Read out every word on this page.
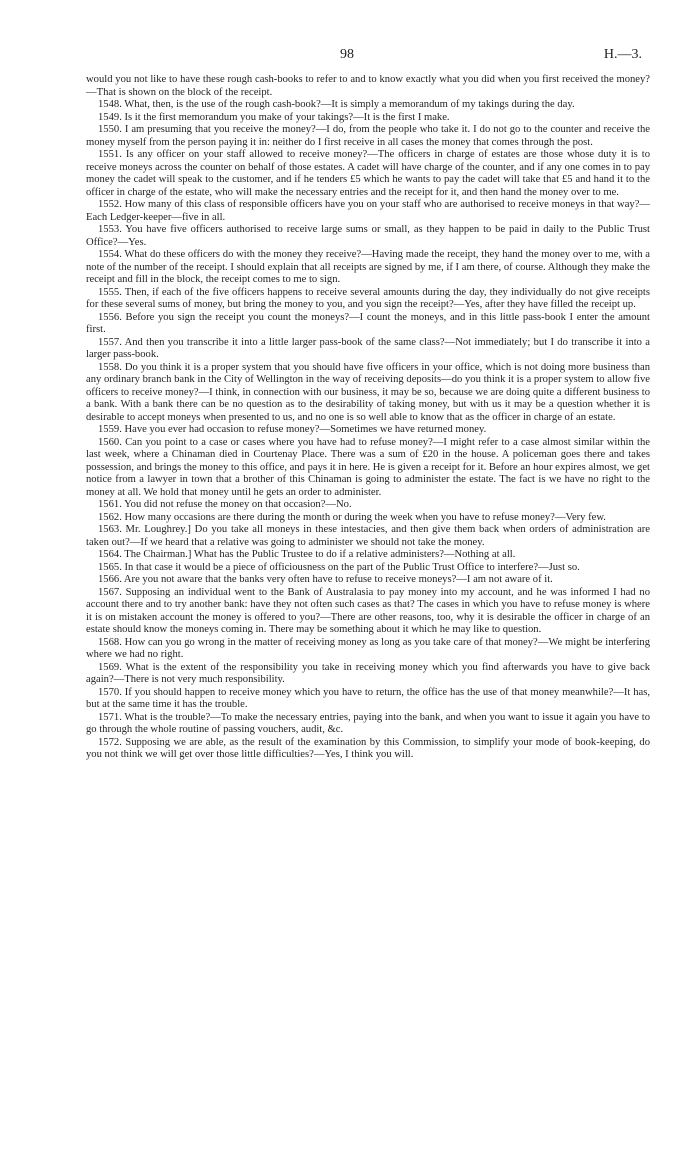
98	H.—3.

would you not like to have these rough cash-books to refer to and to know exactly what you did when you first received the money?—That is shown on the block of the receipt.

1548. What, then, is the use of the rough cash-book?—It is simply a memorandum of my takings during the day.

1549. Is it the first memorandum you make of your takings?—It is the first I make.

1550. I am presuming that you receive the money?—I do, from the people who take it. I do not go to the counter and receive the money myself from the person paying it in: neither do I first receive in all cases the money that comes through the post.

1551. Is any officer on your staff allowed to receive money?—The officers in charge of estates are those whose duty it is to receive moneys across the counter on behalf of those estates. A cadet will have charge of the counter, and if any one comes in to pay money the cadet will speak to the customer, and if he tenders £5 which he wants to pay the cadet will take that £5 and hand it to the officer in charge of the estate, who will make the necessary entries and the receipt for it, and then hand the money over to me.

1552. How many of this class of responsible officers have you on your staff who are authorised to receive moneys in that way?—Each Ledger-keeper—five in all.

1553. You have five officers authorised to receive large sums or small, as they happen to be paid in daily to the Public Trust Office?—Yes.

1554. What do these officers do with the money they receive?—Having made the receipt, they hand the money over to me, with a note of the number of the receipt. I should explain that all receipts are signed by me, if I am there, of course. Although they make the receipt and fill in the block, the receipt comes to me to sign.

1555. Then, if each of the five officers happens to receive several amounts during the day, they individually do not give receipts for these several sums of money, but bring the money to you, and you sign the receipt?—Yes, after they have filled the receipt up.

1556. Before you sign the receipt you count the moneys?—I count the moneys, and in this little pass-book I enter the amount first.

1557. And then you transcribe it into a little larger pass-book of the same class?—Not immediately; but I do transcribe it into a larger pass-book.

1558. Do you think it is a proper system that you should have five officers in your office, which is not doing more business than any ordinary branch bank in the City of Wellington in the way of receiving deposits—do you think it is a proper system to allow five officers to receive money?—I think, in connection with our business, it may be so, because we are doing quite a different business to a bank. With a bank there can be no question as to the desirability of taking money, but with us it may be a question whether it is desirable to accept moneys when presented to us, and no one is so well able to know that as the officer in charge of an estate.

1559. Have you ever had occasion to refuse money?—Sometimes we have returned money.

1560. Can you point to a case or cases where you have had to refuse money?—I might refer to a case almost similar within the last week, where a Chinaman died in Courtenay Place. There was a sum of £20 in the house. A policeman goes there and takes possession, and brings the money to this office, and pays it in here. He is given a receipt for it. Before an hour expires almost, we get notice from a lawyer in town that a brother of this Chinaman is going to administer the estate. The fact is we have no right to the money at all. We hold that money until he gets an order to administer.

1561. You did not refuse the money on that occasion?—No.

1562. How many occasions are there during the month or during the week when you have to refuse money?—Very few.

1563. Mr. Loughrey.] Do you take all moneys in these intestacies, and then give them back when orders of administration are taken out?—If we heard that a relative was going to administer we should not take the money.

1564. The Chairman.] What has the Public Trustee to do if a relative administers?—Nothing at all.

1565. In that case it would be a piece of officiousness on the part of the Public Trust Office to interfere?—Just so.

1566. Are you not aware that the banks very often have to refuse to receive moneys?—I am not aware of it.

1567. Supposing an individual went to the Bank of Australasia to pay money into my account, and he was informed I had no account there and to try another bank: have they not often such cases as that? The cases in which you have to refuse money is where it is on mistaken account the money is offered to you?—There are other reasons, too, why it is desirable the officer in charge of an estate should know the moneys coming in. There may be something about it which he may like to question.

1568. How can you go wrong in the matter of receiving money as long as you take care of that money?—We might be interfering where we had no right.

1569. What is the extent of the responsibility you take in receiving money which you find afterwards you have to give back again?—There is not very much responsibility.

1570. If you should happen to receive money which you have to return, the office has the use of that money meanwhile?—It has, but at the same time it has the trouble.

1571. What is the trouble?—To make the necessary entries, paying into the bank, and when you want to issue it again you have to go through the whole routine of passing vouchers, audit, &c.

1572. Supposing we are able, as the result of the examination by this Commission, to simplify your mode of book-keeping, do you not think we will get over those little difficulties?—Yes, I think you will.
